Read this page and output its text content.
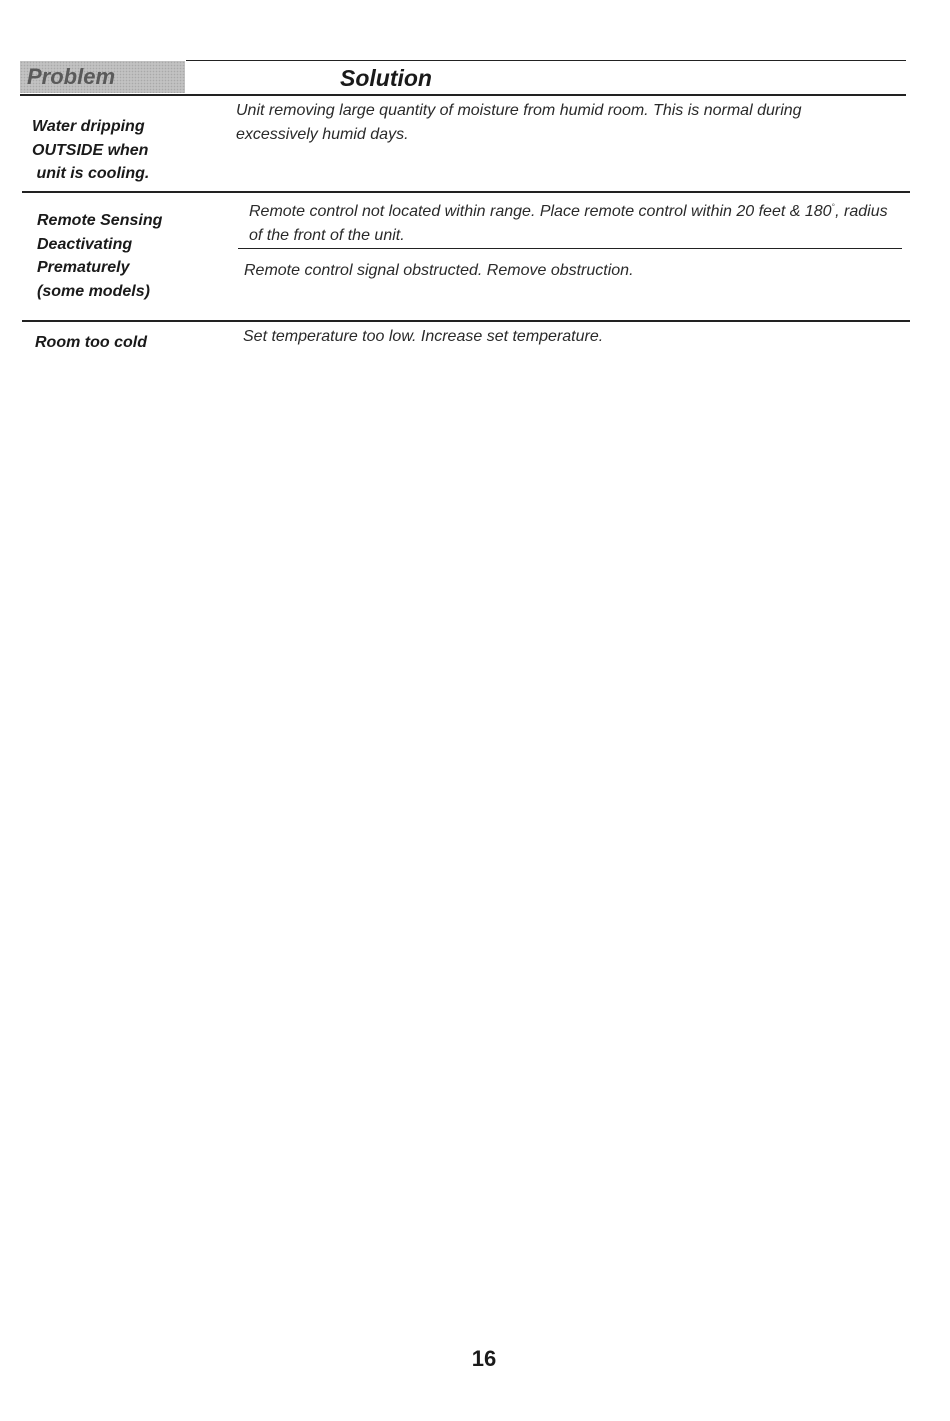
Problem	Solution
Water dripping
OUTSIDE when
unit is cooling.
Unit removing large quantity of moisture from humid room. This is normal during excessively humid days.
Remote Sensing
Deactivating
Prematurely
(some models)
Remote control not located within range. Place remote control within 20 feet & 180°, radius of the front of the unit.
Remote control signal obstructed. Remove obstruction.
Room too cold	Set temperature too low. Increase set temperature.
16
